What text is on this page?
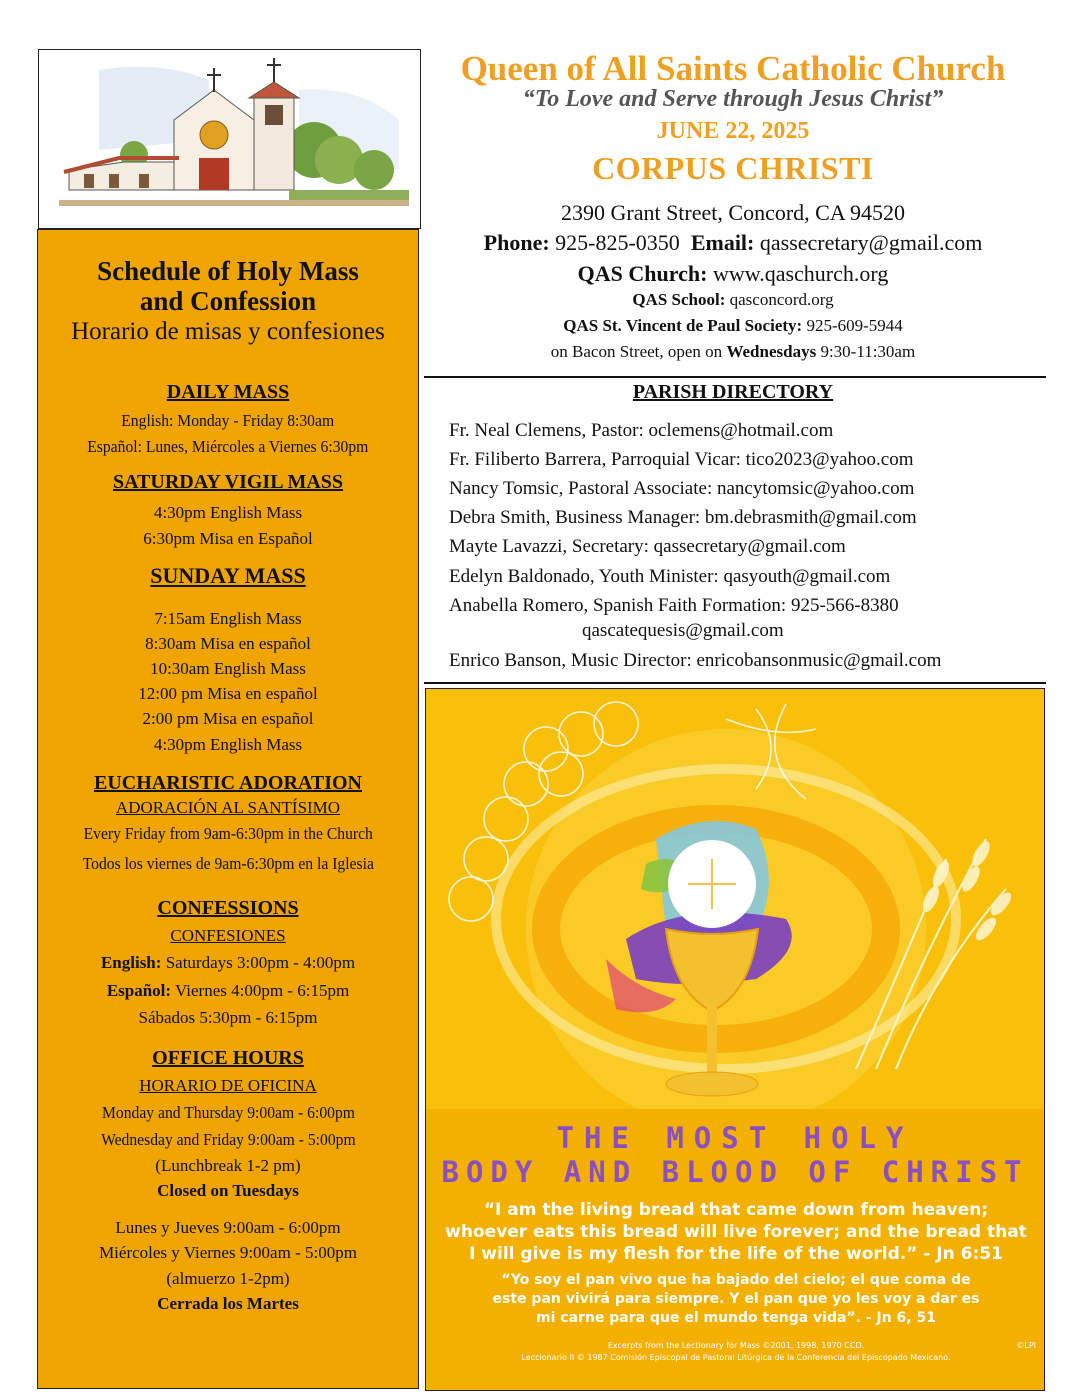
Queen of All Saints Catholic Church
“To Love and Serve through Jesus Christ”
JUNE 22, 2025
CORPUS CHRISTI
2390 Grant Street, Concord, CA 94520
Phone: 925-825-0350 Email: qassecretary@gmail.com
QAS Church: www.qaschurch.org
QAS School: qasconcord.org
QAS St. Vincent de Paul Society: 925-609-5944
on Bacon Street, open on Wednesdays 9:30-11:30am
Schedule of Holy Mass
and Confession
Horario de misas y confesiones
DAILY MASS
English: Monday - Friday 8:30am
Español: Lunes, Miércoles a Viernes 6:30pm
SATURDAY VIGIL MASS
4:30pm English Mass
6:30pm Misa en Español
SUNDAY MASS
7:15am English Mass
8:30am Misa en español
10:30am English Mass
12:00 pm Misa en español
2:00 pm Misa en español
4:30pm English Mass
EUCHARISTIC ADORATION
ADORACIÓN AL SANTÍSIMO
Every Friday from 9am-6:30pm in the Church
Todos los viernes de 9am-6:30pm en la Iglesia
CONFESSIONS
CONFESIONES
English: Saturdays 3:00pm - 4:00pm
Español: Viernes 4:00pm - 6:15pm
Sábados 5:30pm - 6:15pm
OFFICE HOURS
HORARIO DE OFICINA
Monday and Thursday 9:00am - 6:00pm
Wednesday and Friday 9:00am - 5:00pm
(Lunchbreak 1-2 pm)
Closed on Tuesdays
Lunes y Jueves 9:00am - 6:00pm
Miércoles y Viernes 9:00am - 5:00pm
(almuerzo 1-2pm)
Cerrada los Martes
PARISH DIRECTORY
Fr. Neal Clemens, Pastor: oclemens@hotmail.com
Fr. Filiberto Barrera, Parroquial Vicar: tico2023@yahoo.com
Nancy Tomsic, Pastoral Associate: nancytomsic@yahoo.com
Debra Smith, Business Manager: bm.debrasmith@gmail.com
Mayte Lavazzi, Secretary: qassecretary@gmail.com
Edelyn Baldonado, Youth Minister: qasyouth@gmail.com
Anabella Romero, Spanish Faith Formation: 925-566-8380
qascatequesis@gmail.com
Enrico Banson, Music Director: enricobansonmusic@gmail.com
THE MOST HOLY
BODY AND BLOOD OF CHRIST
“I am the living bread that came down from heaven;
whoever eats this bread will live forever; and the bread that
I will give is my flesh for the life of the world.” - Jn 6:51
“Yo soy el pan vivo que ha bajado del cielo; el que coma de
este pan vivirá para siempre. Y el pan que yo les voy a dar es
mi carne para que el mundo tenga vida”. - Jn 6, 51
Excerpts from the Lectionary for Mass ©2001, 1998, 1970 CCD.	©LPI
Leccionario II © 1987 Comisión Episcopal de Pastoral Litúrgica de la Conferencia del Episcopado Mexicano.
